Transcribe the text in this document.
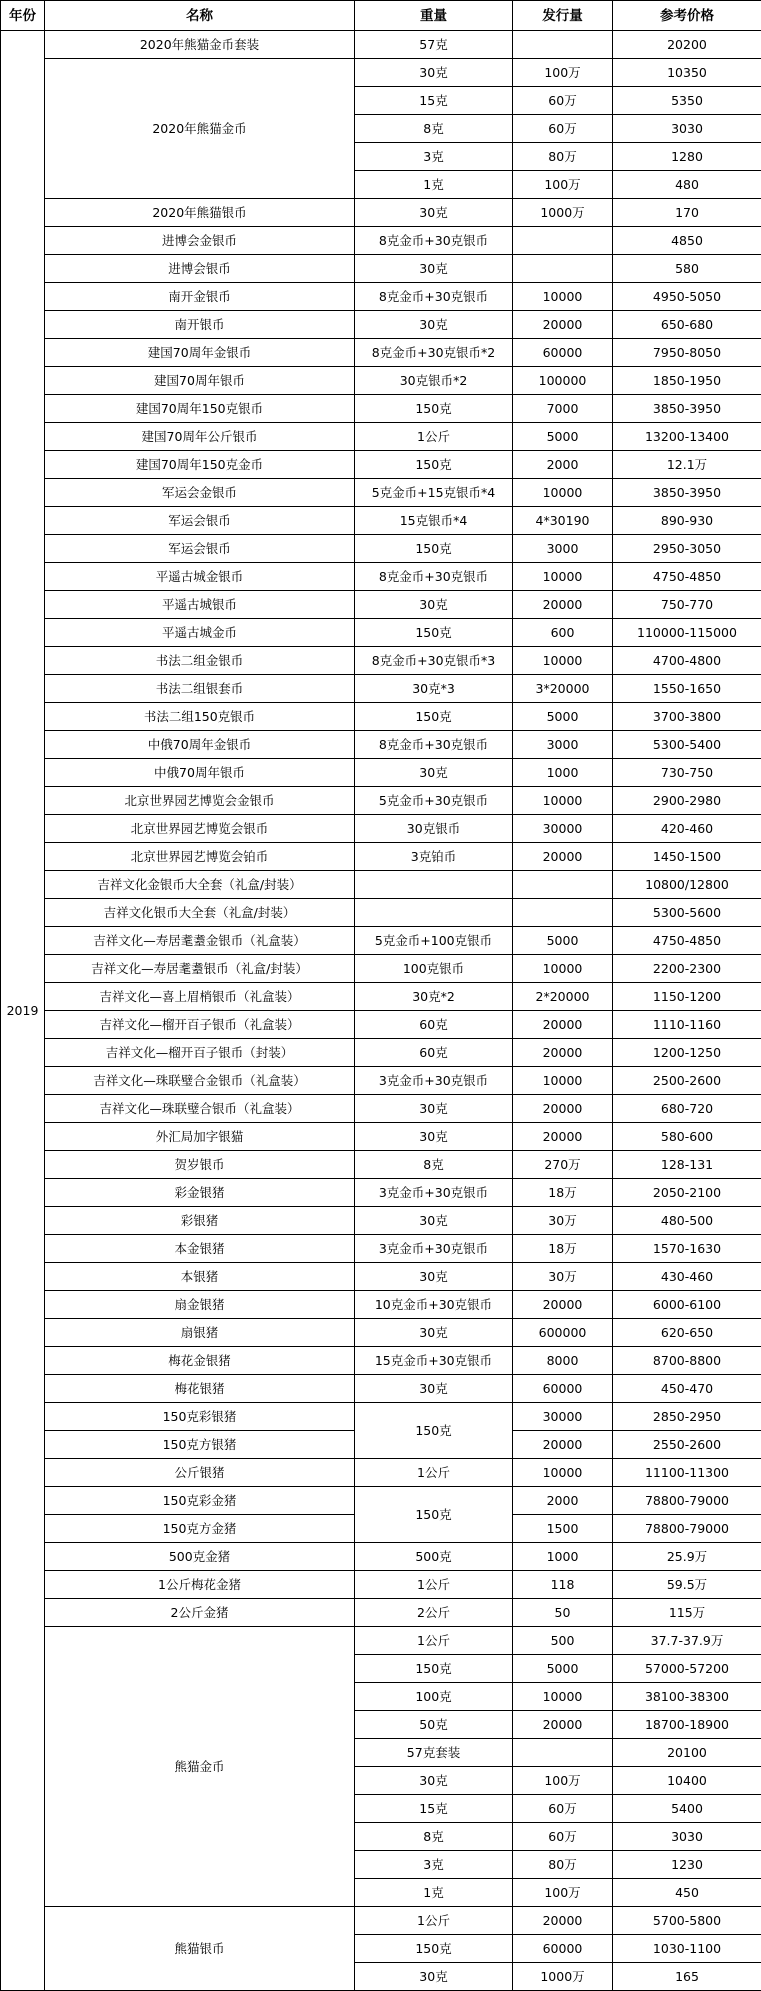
年份	名称	重量	发行量	参考价格
2019	2020年熊猫金币套装	57克		20200
	2020年熊猫金币	30克	100万	10350
		15克	60万	5350
		8克	60万	3030
		3克	80万	1280
		1克	100万	480
	2020年熊猫银币	30克	1000万	170
	进博会金银币	8克金币+30克银币		4850
	进博会银币	30克		580
	南开金银币	8克金币+30克银币	10000	4950-5050
	南开银币	30克	20000	650-680
	建国70周年金银币	8克金币+30克银币*2	60000	7950-8050
	建国70周年银币	30克银币*2	100000	1850-1950
	建国70周年150克银币	150克	7000	3850-3950
	建国70周年公斤银币	1公斤	5000	13200-13400
	建国70周年150克金币	150克	2000	12.1万
	军运会金银币	5克金币+15克银币*4	10000	3850-3950
	军运会银币	15克银币*4	4*30190	890-930
	军运会银币	150克	3000	2950-3050
	平遥古城金银币	8克金币+30克银币	10000	4750-4850
	平遥古城银币	30克	20000	750-770
	平遥古城金币	150克	600	110000-115000
	书法二组金银币	8克金币+30克银币*3	10000	4700-4800
	书法二组银套币	30克*3	3*20000	1550-1650
	书法二组150克银币	150克	5000	3700-3800
	中俄70周年金银币	8克金币+30克银币	3000	5300-5400
	中俄70周年银币	30克	1000	730-750
	北京世界园艺博览会金银币	5克金币+30克银币	10000	2900-2980
	北京世界园艺博览会银币	30克银币	30000	420-460
	北京世界园艺博览会铂币	3克铂币	20000	1450-1500
	吉祥文化金银币大全套（礼盒/封装）			10800/12800
	吉祥文化银币大全套（礼盒/封装）			5300-5600
	吉祥文化—寿居耄耋金银币（礼盒装）	5克金币+100克银币	5000	4750-4850
	吉祥文化—寿居耄耋银币（礼盒/封装）	100克银币	10000	2200-2300
	吉祥文化—喜上眉梢银币（礼盒装）	30克*2	2*20000	1150-1200
	吉祥文化—榴开百子银币（礼盒装）	60克	20000	1110-1160
	吉祥文化—榴开百子银币（封装）	60克	20000	1200-1250
	吉祥文化—珠联璧合金银币（礼盒装）	3克金币+30克银币	10000	2500-2600
	吉祥文化—珠联璧合银币（礼盒装）	30克	20000	680-720
	外汇局加字银猫	30克	20000	580-600
	贺岁银币	8克	270万	128-131
	彩金银猪	3克金币+30克银币	18万	2050-2100
	彩银猪	30克	30万	480-500
	本金银猪	3克金币+30克银币	18万	1570-1630
	本银猪	30克	30万	430-460
	扇金银猪	10克金币+30克银币	20000	6000-6100
	扇银猪	30克	600000	620-650
	梅花金银猪	15克金币+30克银币	8000	8700-8800
	梅花银猪	30克	60000	450-470
	150克彩银猪	150克	30000	2850-2950
	150克方银猪		20000	2550-2600
	公斤银猪	1公斤	10000	11100-11300
	150克彩金猪	150克	2000	78800-79000
	150克方金猪		1500	78800-79000
	500克金猪	500克	1000	25.9万
	1公斤梅花金猪	1公斤	118	59.5万
	2公斤金猪	2公斤	50	115万
	熊猫金币	1公斤	500	37.7-37.9万
		150克	5000	57000-57200
		100克	10000	38100-38300
		50克	20000	18700-18900
		57克套装		20100
		30克	100万	10400
		15克	60万	5400
		8克	60万	3030
		3克	80万	1230
		1克	100万	450
	熊猫银币	1公斤	20000	5700-5800
		150克	60000	1030-1100
		30克	1000万	165
